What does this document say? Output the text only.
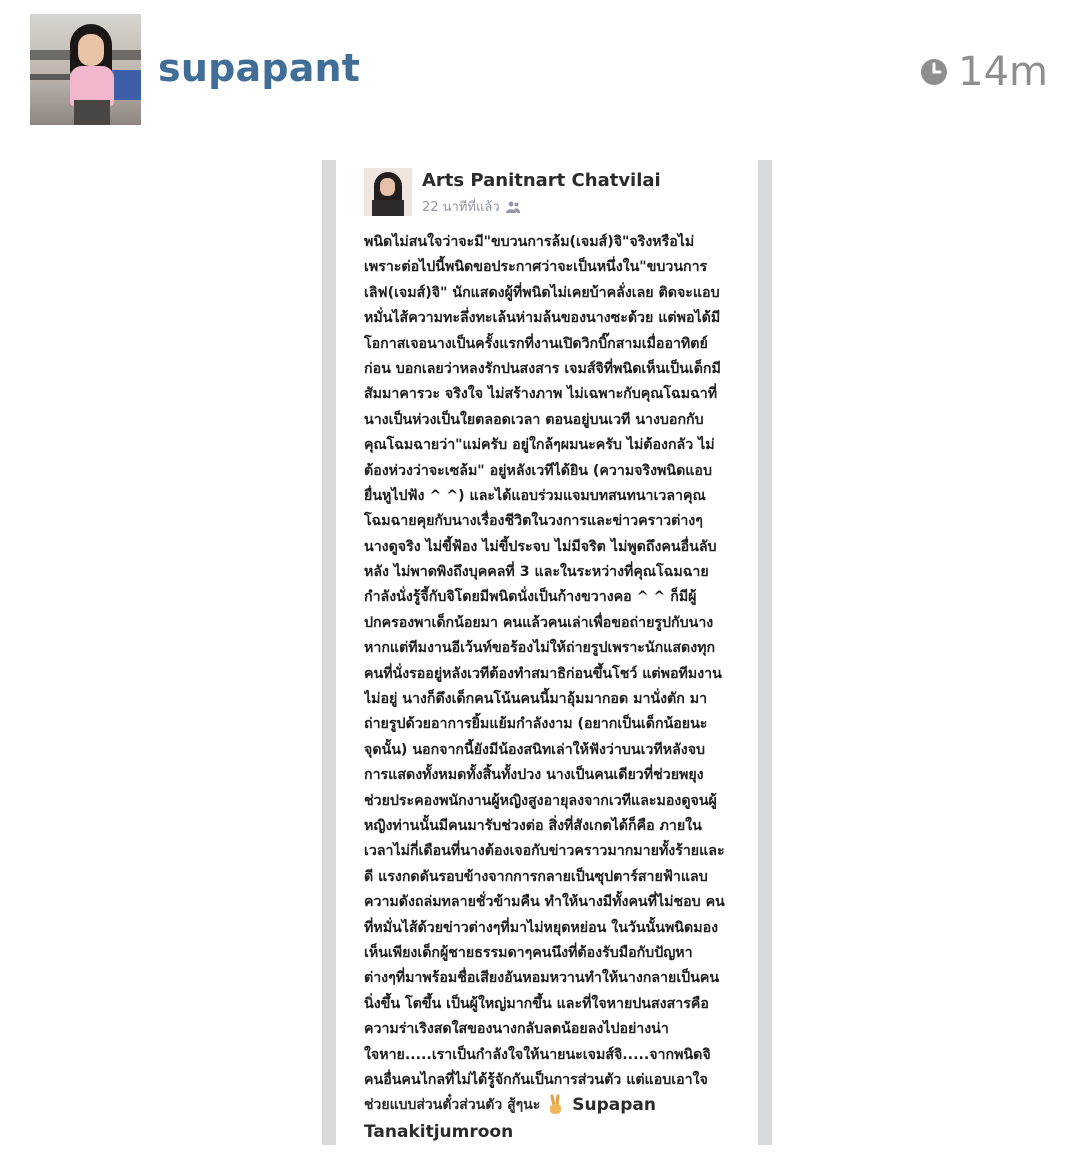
supapant	14m
Arts Panitnart Chatvilai
22 นาทีที่แล้ว
พนิดไม่สนใจว่าจะมี"ขบวนการล้ม(เจมส์)จิ"จริงหรือไม่
เพราะต่อไปนี้พนิดขอประกาศว่าจะเป็นหนึ่งใน"ขบวนการ
เลิฟ(เจมส์)จิ" นักแสดงผู้ที่พนิดไม่เคยบ้าคลั่งเลย ติดจะแอบ
หมั่นไส้ความทะลึ่งทะเล้นห่ามล้นของนางซะด้วย แต่พอได้มี
โอกาสเจอนางเป็นครั้งแรกที่งานเปิดวิกบิ๊กสามเมื่ออาทิตย์
ก่อน บอกเลยว่าหลงรักปนสงสาร เจมส์จิที่พนิดเห็นเป็นเด็กมี
สัมมาคารวะ จริงใจ ไม่สร้างภาพ ไม่เฉพาะกับคุณโฉมฉาที่
นางเป็นห่วงเป็นใยตลอดเวลา ตอนอยู่บนเวที นางบอกกับ
คุณโฉมฉายว่า"แม่ครับ อยู่ใกล้ๆผมนะครับ ไม่ต้องกลัว ไม่
ต้องห่วงว่าจะเซล้ม" อยู่หลังเวทีได้ยิน (ความจริงพนิดแอบ
ยื่นหูไปฟัง ^ ^) และได้แอบร่วมแจมบทสนทนาเวลาคุณ
โฉมฉายคุยกับนางเรื่องชีวิตในวงการและข่าวคราวต่างๆ
นางดูจริง ไม่ขี้ฟ้อง ไม่ขี้ประจบ ไม่มีจริต ไม่พูดถึงคนอื่นลับ
หลัง ไม่พาดพิงถึงบุคคลที่ 3 และในระหว่างที่คุณโฉมฉาย
กำลังนั่งรู้จี้กับจิโดยมีพนิดนั่งเป็นก้างขวางคอ ^ ^ ก็มีผู้
ปกครองพาเด็กน้อยมา คนแล้วคนเล่าเพื่อขอถ่ายรูปกับนาง
หากแต่ทีมงานอีเว้นท์ขอร้องไม่ให้ถ่ายรูปเพราะนักแสดงทุก
คนที่นั่งรออยู่หลังเวทีต้องทำสมาธิก่อนขึ้นโชว์ แต่พอทีมงาน
ไม่อยู่ นางก็ดึงเด็กคนโน้นคนนี้มาอุ้มมากอด มานั่งตัก มา
ถ่ายรูปด้วยอาการยิ้มแย้มกำลังงาม (อยากเป็นเด็กน้อยนะ
จุดนั้น) นอกจากนี้ยังมีน้องสนิทเล่าให้ฟังว่าบนเวทีหลังจบ
การแสดงทั้งหมดทั้งสิ้นทั้งปวง นางเป็นคนเดียวที่ช่วยพยุง
ช่วยประคองพนักงานผู้หญิงสูงอายุลงจากเวทีและมองดูจนผู้
หญิงท่านนั้นมีคนมารับช่วงต่อ สิ่งที่สังเกตได้ก็คือ ภายใน
เวลาไม่กี่เดือนที่นางต้องเจอกับข่าวคราวมากมายทั้งร้ายและ
ดี แรงกดดันรอบข้างจากการกลายเป็นซุปตาร์สายฟ้าแลบ
ความดังถล่มทลายชั่วข้ามคืน ทำให้นางมีทั้งคนที่ไม่ชอบ คน
ที่หมั่นไส้ด้วยข่าวต่างๆที่มาไม่หยุดหย่อน ในวันนั้นพนิดมอง
เห็นเพียงเด็กผู้ชายธรรมดาๆคนนึงที่ต้องรับมือกับปัญหา
ต่างๆที่มาพร้อมชื่อเสียงอันหอมหวานทำให้นางกลายเป็นคน
นิ่งขึ้น โตขึ้น เป็นผู้ใหญ่มากขึ้น และที่ใจหายปนสงสารคือ
ความร่าเริงสดใสของนางกลับลดน้อยลงไปอย่างน่า
ใจหาย.....เราเป็นกำลังใจให้นายนะเจมส์จิ.....จากพนิดจิ
คนอื่นคนไกลที่ไม่ได้รู้จักกันเป็นการส่วนตัว แต่แอบเอาใจ
ช่วยแบบส่วนตั๋วส่วนตัว สู้ๆนะ Supapan
Tanakitjumroon
